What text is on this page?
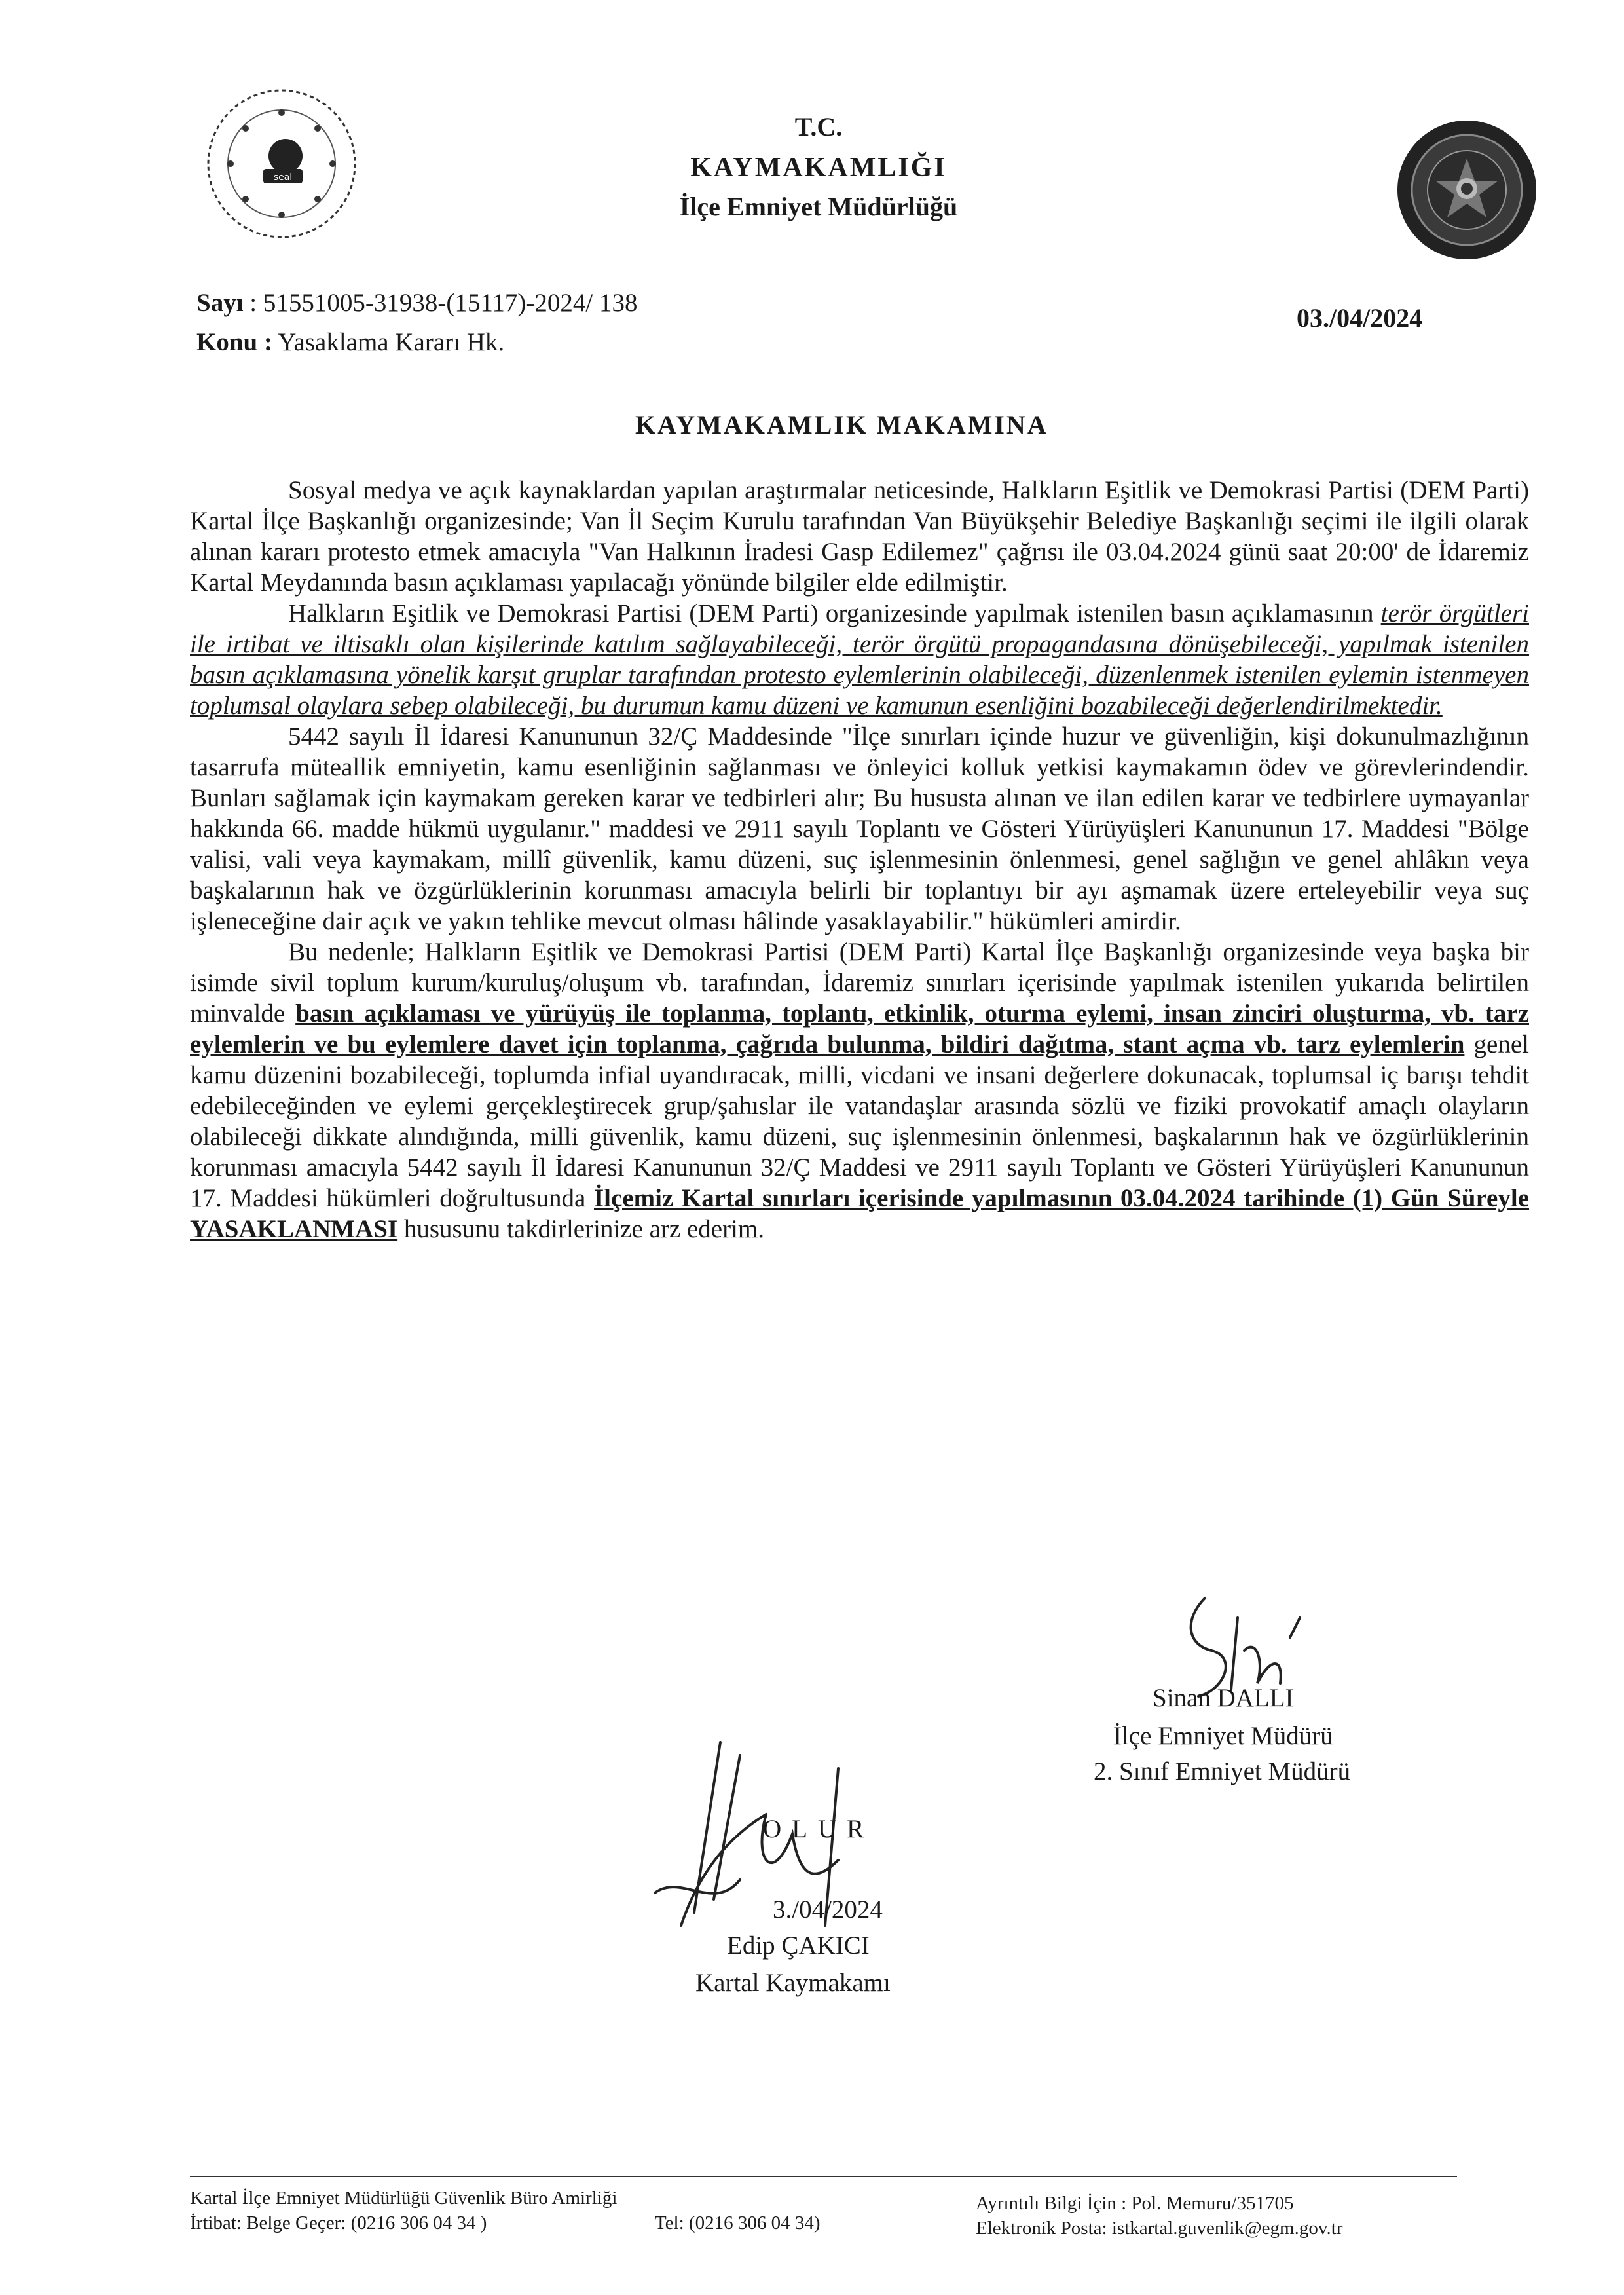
seal
T.C.
KAYMAKAMLIĞI
İlçe Emniyet Müdürlüğü
Sayı : 51551005-31938-(15117)-2024/ 138
Konu : Yasaklama Kararı Hk.
03./04/2024
KAYMAKAMLIK MAKAMINA

Sosyal medya ve açık kaynaklardan yapılan araştırmalar neticesinde, Halkların Eşitlik ve Demokrasi Partisi (DEM Parti) Kartal İlçe Başkanlığı organizesinde; Van İl Seçim Kurulu tarafından Van Büyükşehir Belediye Başkanlığı seçimi ile ilgili olarak alınan kararı protesto etmek amacıyla "Van Halkının İradesi Gasp Edilemez" çağrısı ile 03.04.2024 günü saat 20:00' de İdaremiz Kartal Meydanında basın açıklaması yapılacağı yönünde bilgiler elde edilmiştir.

Halkların Eşitlik ve Demokrasi Partisi (DEM Parti) organizesinde yapılmak istenilen basın açıklamasının terör örgütleri ile irtibat ve iltisaklı olan kişilerinde katılım sağlayabileceği, terör örgütü propagandasına dönüşebileceği, yapılmak istenilen basın açıklamasına yönelik karşıt gruplar tarafından protesto eylemlerinin olabileceği, düzenlenmek istenilen eylemin istenmeyen toplumsal olaylara sebep olabileceği, bu durumun kamu düzeni ve kamunun esenliğini bozabileceği değerlendirilmektedir.

5442 sayılı İl İdaresi Kanununun 32/Ç Maddesinde "İlçe sınırları içinde huzur ve güvenliğin, kişi dokunulmazlığının tasarrufa müteallik emniyetin, kamu esenliğinin sağlanması ve önleyici kolluk yetkisi kaymakamın ödev ve görevlerindendir. Bunları sağlamak için kaymakam gereken karar ve tedbirleri alır; Bu hususta alınan ve ilan edilen karar ve tedbirlere uymayanlar hakkında 66. madde hükmü uygulanır." maddesi ve 2911 sayılı Toplantı ve Gösteri Yürüyüşleri Kanununun 17. Maddesi "Bölge valisi, vali veya kaymakam, millî güvenlik, kamu düzeni, suç işlenmesinin önlenmesi, genel sağlığın ve genel ahlâkın veya başkalarının hak ve özgürlüklerinin korunması amacıyla belirli bir toplantıyı bir ayı aşmamak üzere erteleyebilir veya suç işleneceğine dair açık ve yakın tehlike mevcut olması hâlinde yasaklayabilir." hükümleri amirdir.

Bu nedenle; Halkların Eşitlik ve Demokrasi Partisi (DEM Parti) Kartal İlçe Başkanlığı organizesinde veya başka bir isimde sivil toplum kurum/kuruluş/oluşum vb. tarafından, İdaremiz sınırları içerisinde yapılmak istenilen yukarıda belirtilen minvalde basın açıklaması ve yürüyüş ile toplanma, toplantı, etkinlik, oturma eylemi, insan zinciri oluşturma, vb. tarz eylemlerin ve bu eylemlere davet için toplanma, çağrıda bulunma, bildiri dağıtma, stant açma vb. tarz eylemlerin genel kamu düzenini bozabileceği, toplumda infial uyandıracak, milli, vicdani ve insani değerlere dokunacak, toplumsal iç barışı tehdit edebileceğinden ve eylemi gerçekleştirecek grup/şahıslar ile vatandaşlar arasında sözlü ve fiziki provokatif amaçlı olayların olabileceği dikkate alındığında, milli güvenlik, kamu düzeni, suç işlenmesinin önlenmesi, başkalarının hak ve özgürlüklerinin korunması amacıyla 5442 sayılı İl İdaresi Kanununun 32/Ç Maddesi ve 2911 sayılı Toplantı ve Gösteri Yürüyüşleri Kanununun 17. Maddesi hükümleri doğrultusunda İlçemiz Kartal sınırları içerisinde yapılmasının 03.04.2024 tarihinde (1) Gün Süreyle YASAKLANMASI hususunu takdirlerinize arz ederim.

Sinan DALLI
İlçe Emniyet Müdürü
2. Sınıf Emniyet Müdürü
OLUR
3./04/2024
Edip ÇAKICI
Kartal Kaymakamı
Kartal İlçe Emniyet Müdürlüğü Güvenlik Büro Amirliği
İrtibat: Belge Geçer: (0216 306 04 34 )	Tel: (0216 306 04 34)
Ayrıntılı Bilgi İçin : Pol. Memuru/351705
Elektronik Posta: istkartal.guvenlik@egm.gov.tr
